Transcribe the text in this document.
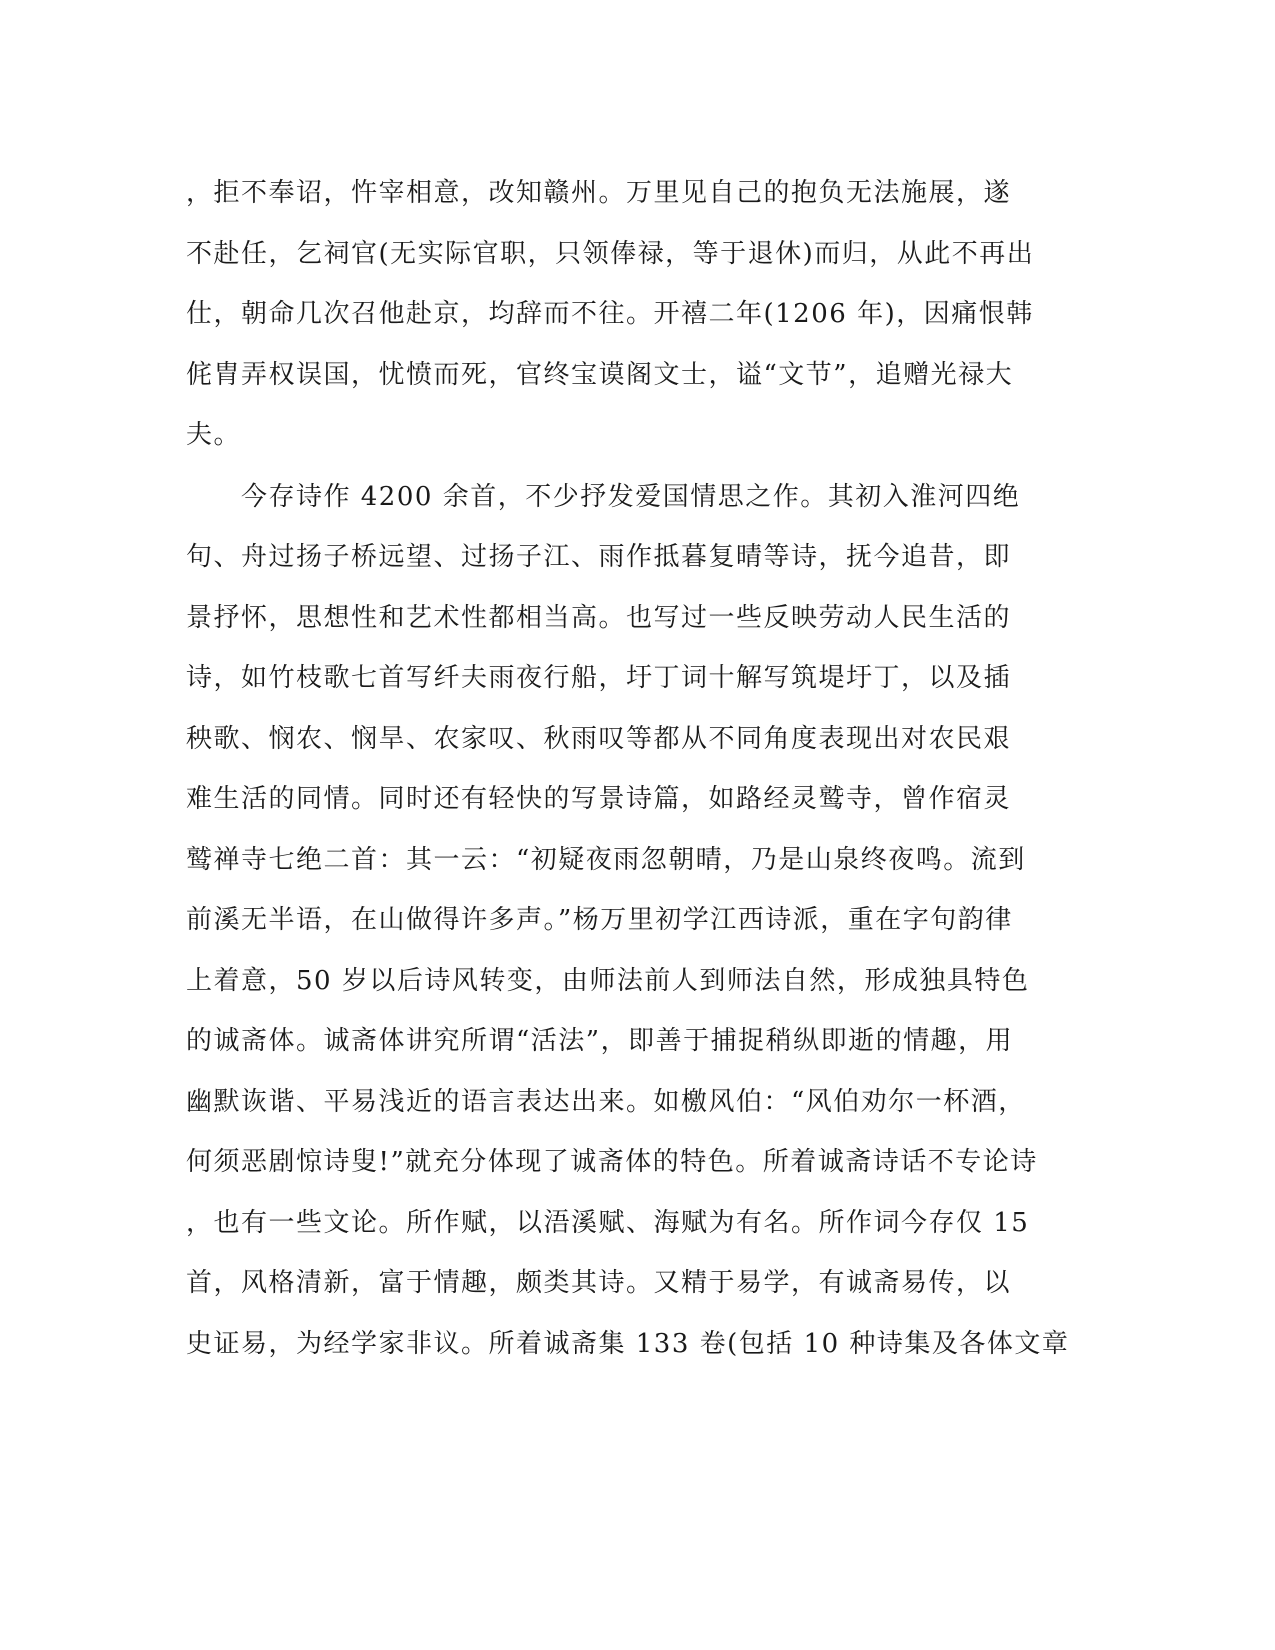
，拒不奉诏，忤宰相意，改知赣州。万里见自己的抱负无法施展，遂
不赴任，乞祠官(无实际官职，只领俸禄，等于退休)而归，从此不再出
仕，朝命几次召他赴京，均辞而不往。开禧二年(1206 年)，因痛恨韩
侂胄弄权误国，忧愤而死，官终宝谟阁文士，谥“文节”，追赠光禄大
夫。
　　今存诗作 4200 余首，不少抒发爱国情思之作。其初入淮河四绝
句、舟过扬子桥远望、过扬子江、雨作抵暮复晴等诗，抚今追昔，即
景抒怀，思想性和艺术性都相当高。也写过一些反映劳动人民生活的
诗，如竹枝歌七首写纤夫雨夜行船，圩丁词十解写筑堤圩丁，以及插
秧歌、悯农、悯旱、农家叹、秋雨叹等都从不同角度表现出对农民艰
难生活的同情。同时还有轻快的写景诗篇，如路经灵鹫寺，曾作宿灵
鹫禅寺七绝二首：其一云：“初疑夜雨忽朝晴，乃是山泉终夜鸣。流到
前溪无半语，在山做得许多声。”杨万里初学江西诗派，重在字句韵律
上着意，50 岁以后诗风转变，由师法前人到师法自然，形成独具特色
的诚斋体。诚斋体讲究所谓“活法”，即善于捕捉稍纵即逝的情趣，用
幽默诙谐、平易浅近的语言表达出来。如檄风伯：“风伯劝尔一杯酒，
何须恶剧惊诗叟!”就充分体现了诚斋体的特色。所着诚斋诗话不专论诗
，也有一些文论。所作赋，以浯溪赋、海赋为有名。所作词今存仅 15
首，风格清新，富于情趣，颇类其诗。又精于易学，有诚斋易传，以
史证易，为经学家非议。所着诚斋集 133 卷(包括 10 种诗集及各体文章
